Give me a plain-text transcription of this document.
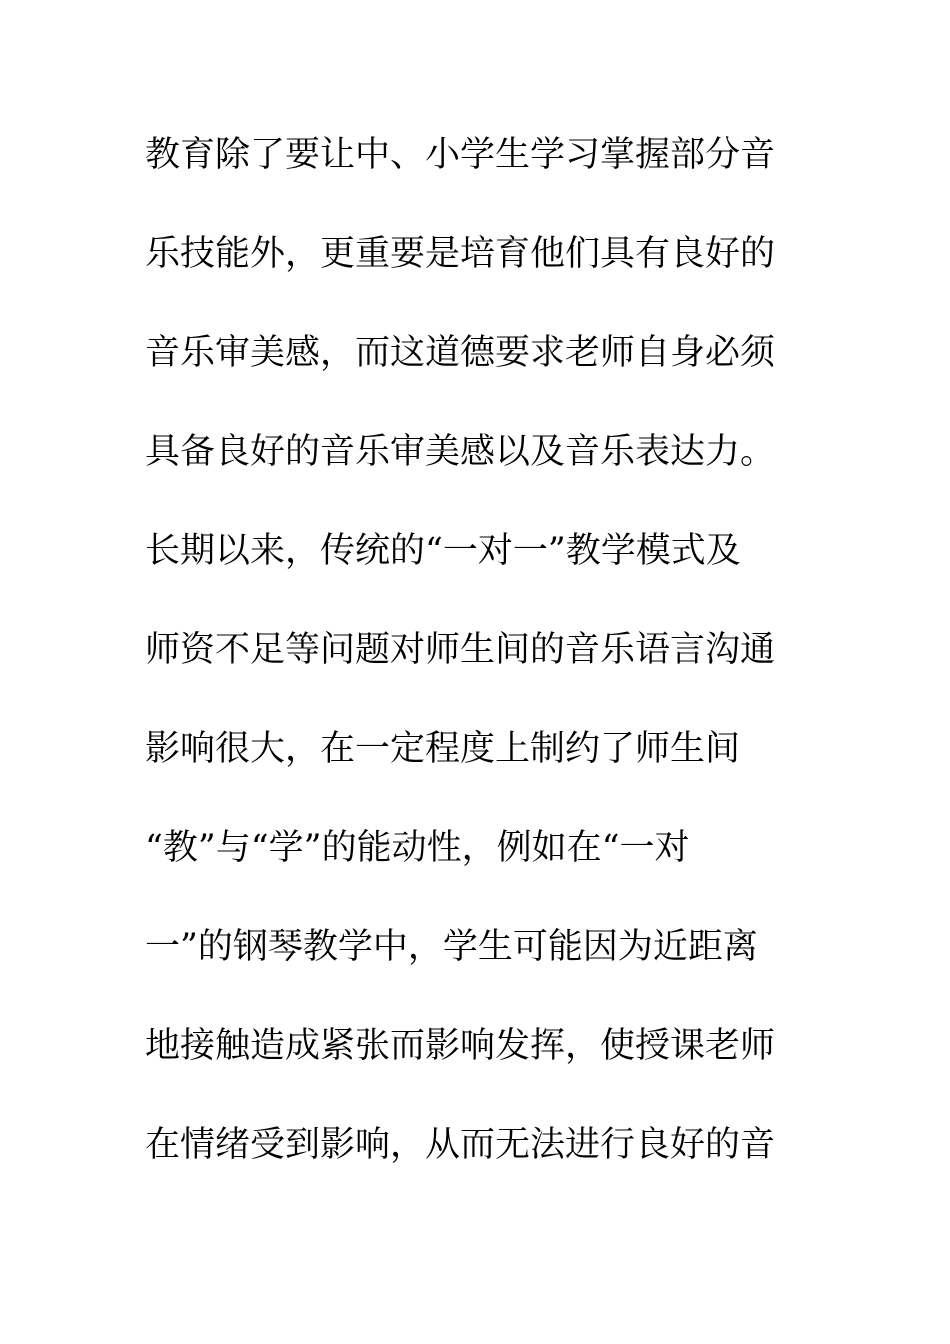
教育除了要让中、小学生学习掌握部分音
乐技能外，更重要是培育他们具有良好的
音乐审美感，而这道德要求老师自身必须
具备良好的音乐审美感以及音乐表达力。
长期以来，传统的“一对一”教学模式及
师资不足等问题对师生间的音乐语言沟通
影响很大，在一定程度上制约了师生间
“教”与“学”的能动性，例如在“一对
一”的钢琴教学中，学生可能因为近距离
地接触造成紧张而影响发挥，使授课老师
在情绪受到影响，从而无法进行良好的音
